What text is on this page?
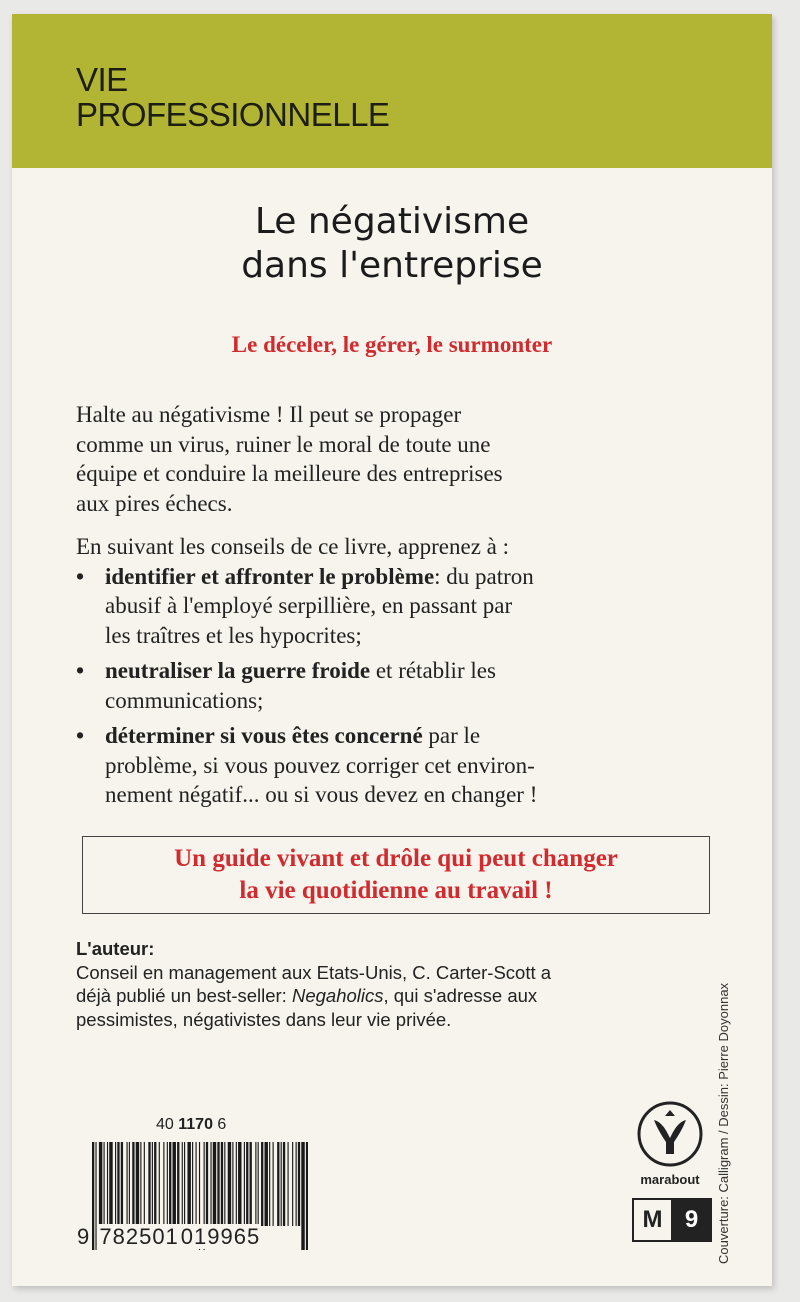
VIE
PROFESSIONNELLE
Le négativisme
dans l'entreprise
Le déceler, le gérer, le surmonter

Halte au négativisme ! Il peut se propager
comme un virus, ruiner le moral de toute une
équipe et conduire la meilleure des entreprises
aux pires échecs.

En suivant les conseils de ce livre, apprenez à :

• identifier et affronter le problème: du patron
abusif à l'employé serpillière, en passant par
les traîtres et les hypocrites;
• neutraliser la guerre froide et rétablir les
communications;
• déterminer si vous êtes concerné par le
problème, si vous pouvez corriger cet environ-
nement négatif... ou si vous devez en changer !
Un guide vivant et drôle qui peut changer
la vie quotidienne au travail !
L'auteur:
Conseil en management aux Etats-Unis, C. Carter-Scott a
déjà publié un best-seller: Negaholics, qui s'adresse aux
pessimistes, négativistes dans leur vie privée.
40 1170 6
9 782501019965
marabout
M 9	Couverture: Calligram / Dessin: Pierre Doyonnax
